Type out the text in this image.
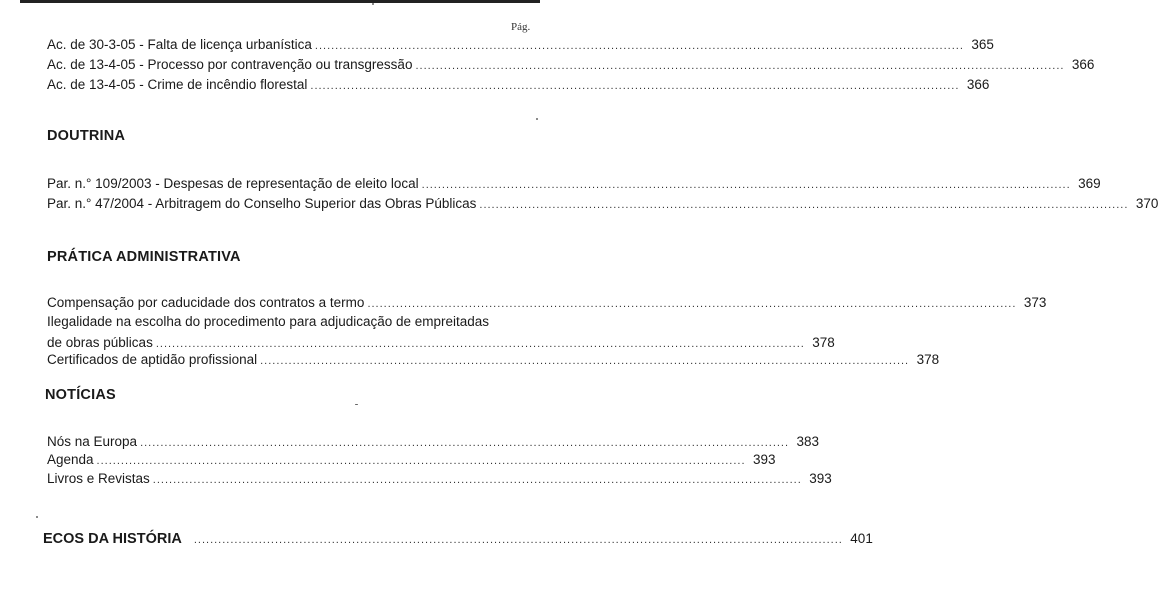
Pág.
Ac. de 30-3-05 - Falta de licença urbanística ................................................................................................................................................................ 365
Ac. de 13-4-05 - Processo por contravenção ou transgressão ................................................................................................................................................................ 366
Ac. de 13-4-05 - Crime de incêndio florestal ................................................................................................................................................................ 366
DOUTRINA
Par. n.° 109/2003 - Despesas de representação de eleito local ................................................................................................................................................................ 369
Par. n.° 47/2004 - Arbitragem do Conselho Superior das Obras Públicas ................................................................................................................................................................ 370
PRÁTICA ADMINISTRATIVA
Compensação por caducidade dos contratos a termo ................................................................................................................................................................ 373
Ilegalidade na escolha do procedimento para adjudicação de empreitadas
de obras públicas ................................................................................................................................................................ 378
Certificados de aptidão profissional ................................................................................................................................................................ 378
NOTÍCIAS
Nós na Europa ................................................................................................................................................................ 383
Agenda ................................................................................................................................................................ 393
Livros e Revistas ................................................................................................................................................................ 393
ECOS DA HISTÓRIA ................................................................................................................................................................ 401
